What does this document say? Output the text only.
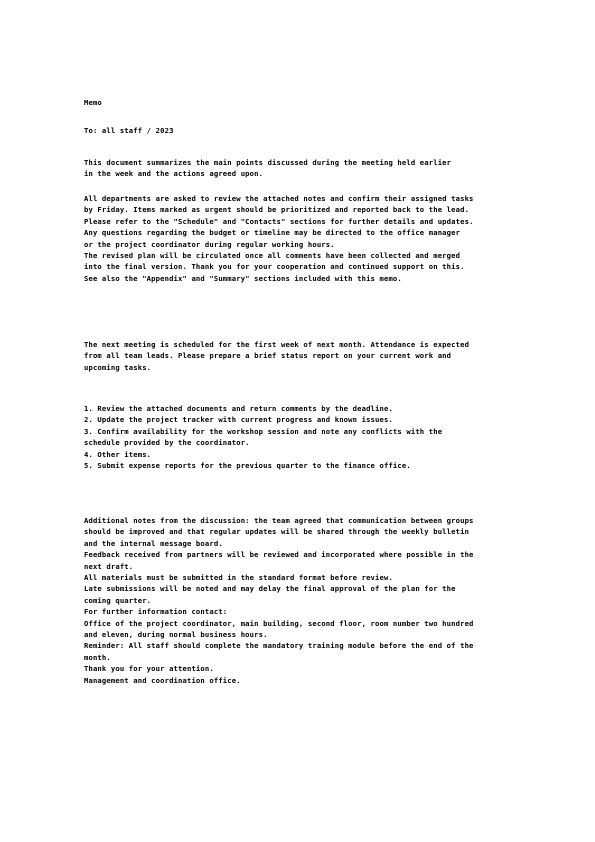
Memo
To: all staff / 2023
This document summarizes the main points discussed during the meeting held earlier
in the week and the actions agreed upon.
All departments are asked to review the attached notes and confirm their assigned tasks
by Friday. Items marked as urgent should be prioritized and reported back to the lead.
Please refer to the "Schedule" and "Contacts" sections for further details and updates.
Any questions regarding the budget or timeline may be directed to the office manager
or the project coordinator during regular working hours.
The revised plan will be circulated once all comments have been collected and merged
into the final version. Thank you for your cooperation and continued support on this.
See also the "Appendix" and "Summary" sections included with this memo.
The next meeting is scheduled for the first week of next month. Attendance is expected
from all team leads. Please prepare a brief status report on your current work and
upcoming tasks.
1. Review the attached documents and return comments by the deadline.
2. Update the project tracker with current progress and known issues.
3. Confirm availability for the workshop session and note any conflicts with the
schedule provided by the coordinator.
4. Other items.
5. Submit expense reports for the previous quarter to the finance office.
Additional notes from the discussion: the team agreed that communication between groups
should be improved and that regular updates will be shared through the weekly bulletin
and the internal message board.
Feedback received from partners will be reviewed and incorporated where possible in the
next draft.
All materials must be submitted in the standard format before review.
Late submissions will be noted and may delay the final approval of the plan for the
coming quarter.
For further information contact:
Office of the project coordinator, main building, second floor, room number two hundred
and eleven, during normal business hours.
Reminder: All staff should complete the mandatory training module before the end of the
month.
Thank you for your attention.
Management and coordination office.
